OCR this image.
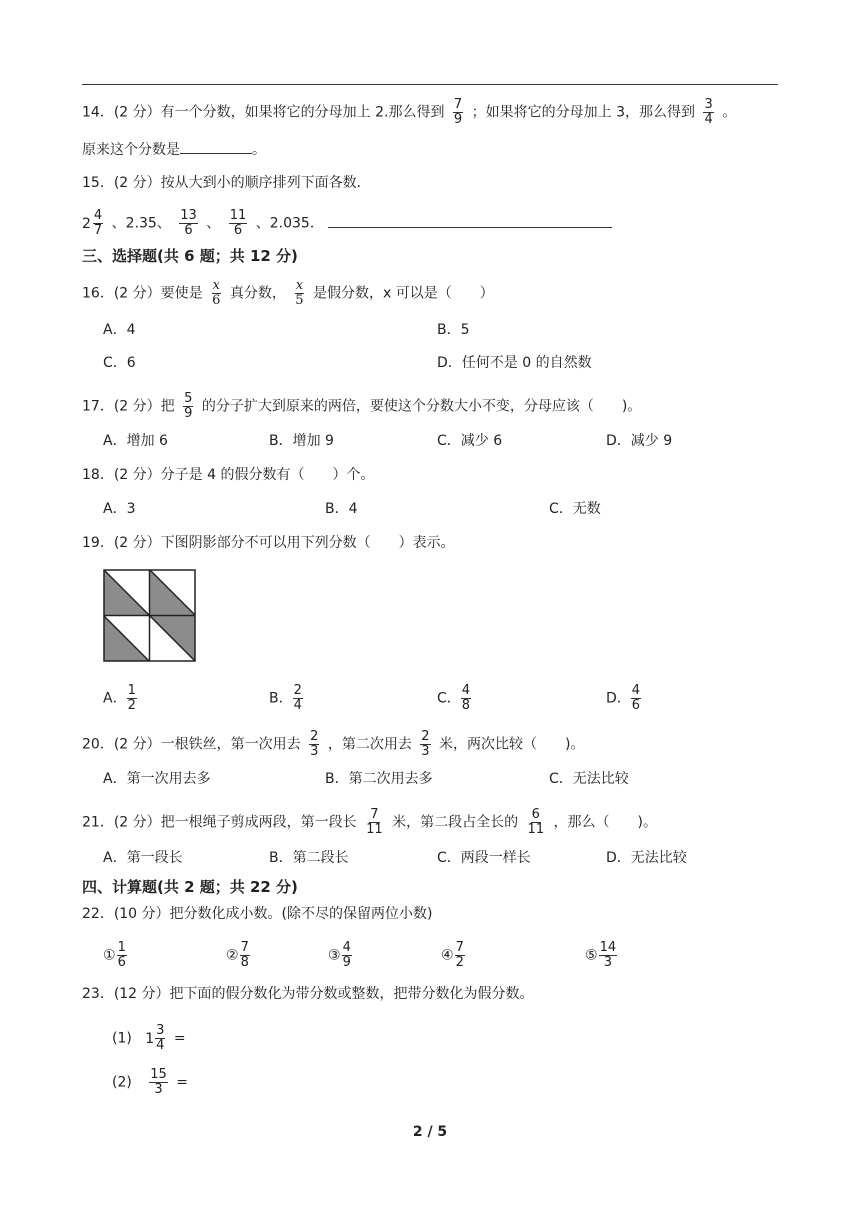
14．(2 分）有一个分数，如果将它的分母加上 2.那么得到 $\frac{7}{9}$ ；如果将它的分母加上 3，那么得到 $\frac{3}{4}$ 。
原来这个分数是	。
15．(2 分）按从大到小的顺序排列下面各数．
$2 \frac{4}{7}$ 、2.35、 $\frac{13}{6}$ 、 $\frac{11}{6}$ 、2.035．
三、选择题(共 6 题；共 12 分)
16．(2 分）要使是 $\frac{x}{6}$ 真分数， $\frac{x}{5}$ 是假分数，x 可以是（　　）
A．4	B．5
C．6	D．任何不是 0 的自然数
17．(2 分）把 $\frac{5}{9}$ 的分子扩大到原来的两倍，要使这个分数大小不变，分母应该（　　)。
A．增加 6	B．增加 9	C．减少 6	D．减少 9
18．(2 分）分子是 4 的假分数有（　　）个。
A．3	B．4	C．无数
19．(2 分）下图阴影部分不可以用下列分数（　　）表示。
A． $\frac{1}{2}$	B． $\frac{2}{4}$	C． $\frac{4}{8}$	D． $\frac{4}{6}$
20．(2 分）一根铁丝，第一次用去 $\frac{2}{3}$ ，第二次用去 $\frac{2}{3}$ 米，两次比较（　　)。
A．第一次用去多	B．第二次用去多	C．无法比较
21．(2 分）把一根绳子剪成两段，第一段长 $\frac{7}{11}$ 米，第二段占全长的 $\frac{6}{11}$ ，那么（　　)。
A．第一段长	B．第二段长	C．两段一样长	D．无法比较
四、计算题(共 2 题；共 22 分)
22．(10 分）把分数化成小数。(除不尽的保留两位小数)
① $\frac{1}{6}$	② $\frac{7}{8}$	③ $\frac{4}{9}$	④ $\frac{7}{2}$	⑤ $\frac{14}{3}$
23．(12 分）把下面的假分数化为带分数或整数，把带分数化为假分数。
(1) $1 \frac{3}{4}$ =
$(2) \frac{15}{3}$ =
2 / 5
